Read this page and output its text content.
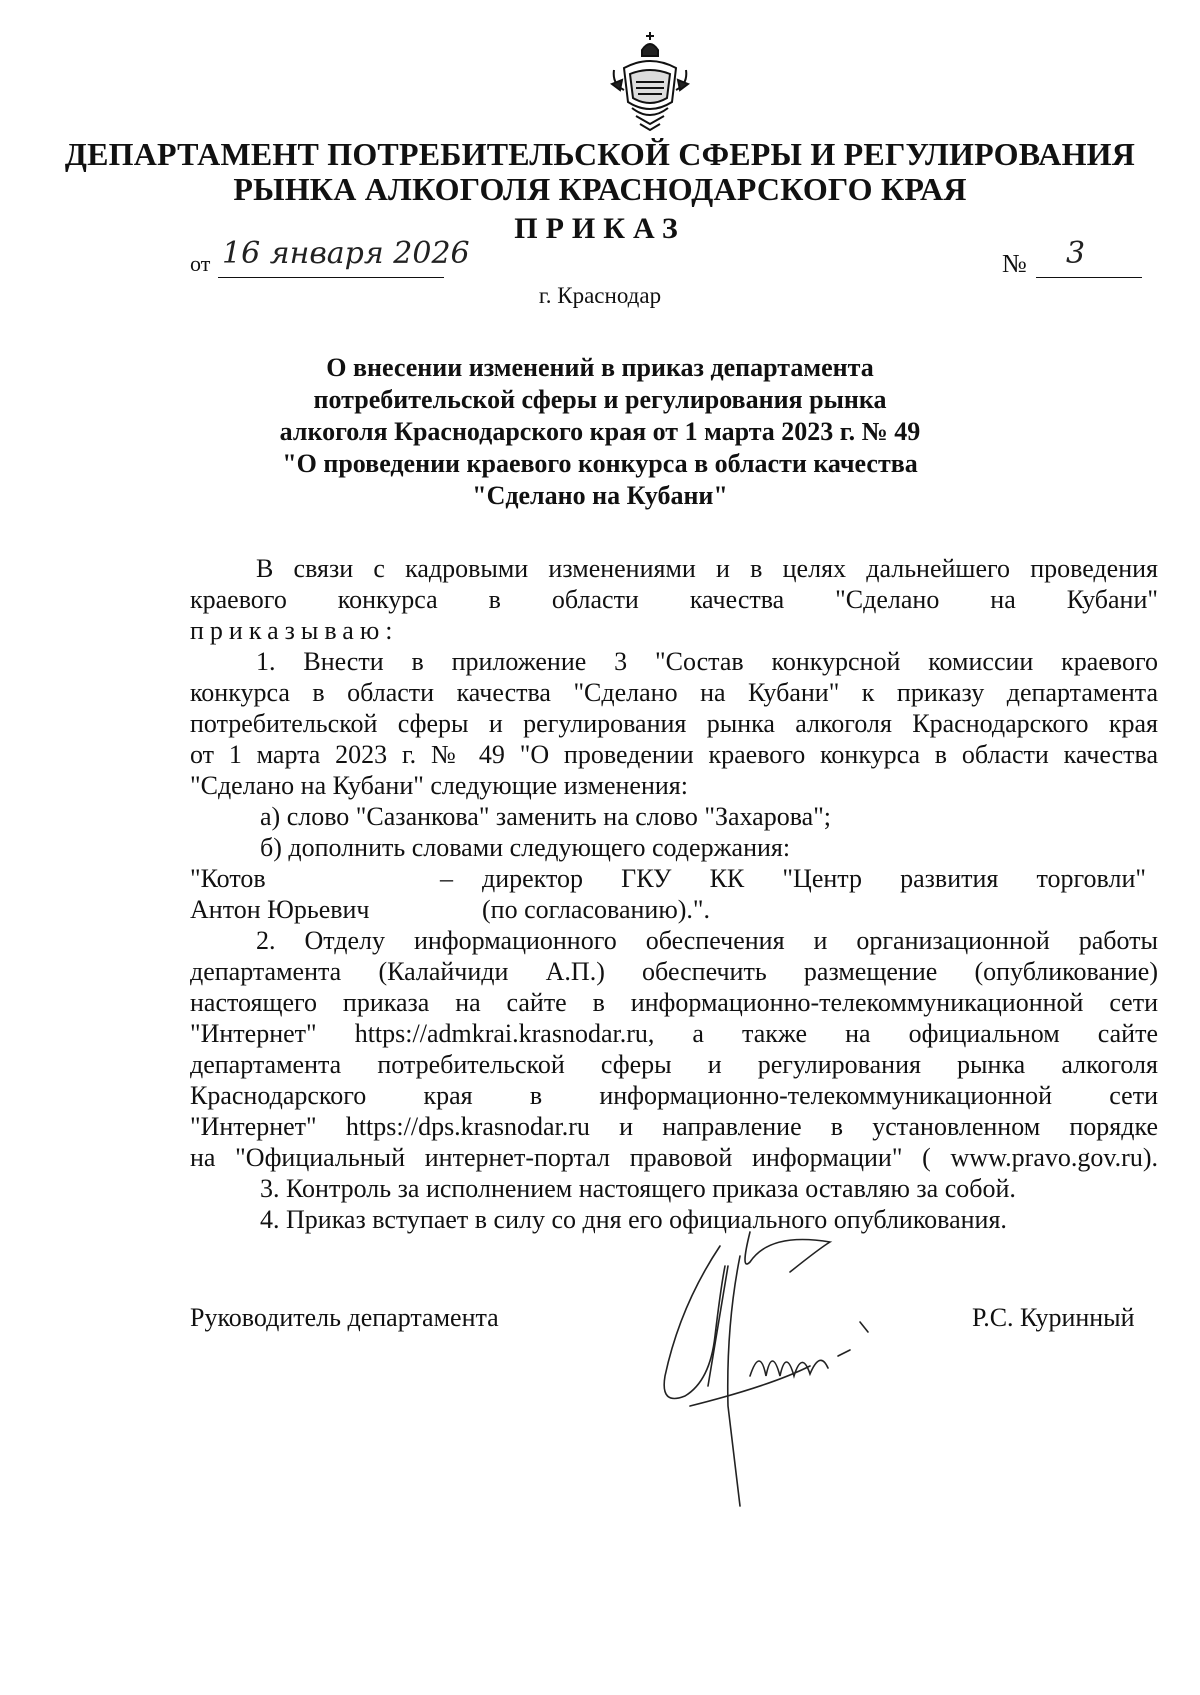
ДЕПАРТАМЕНТ ПОТРЕБИТЕЛЬСКОЙ СФЕРЫ И РЕГУЛИРОВАНИЯ
РЫНКА АЛКОГОЛЯ КРАСНОДАРСКОГО КРАЯ
ПРИКАЗ
от 16 января 2026	№ 3
г. Краснодар
О внесении изменений в приказ департамента
потребительской сферы и регулирования рынка
алкоголя Краснодарского края от 1 марта 2023 г. № 49
"О проведении краевого конкурса в области качества
"Сделано на Кубани"
В связи с кадровыми изменениями и в целях дальнейшего проведения
краевого конкурса в области качества "Сделано на Кубани"
приказываю:
1. Внести в приложение 3 "Состав конкурсной комиссии краевого
конкурса в области качества "Сделано на Кубани" к приказу департамента
потребительской сферы и регулирования рынка алкоголя Краснодарского края
от 1 марта 2023 г. № 49 "О проведении краевого конкурса в области качества
"Сделано на Кубани" следующие изменения:
а) слово "Сазанкова" заменить на слово "Захарова";
б) дополнить словами следующего содержания:
"Котов
Антон Юрьевич
– директор ГКУ КК "Центр развития торговли"
(по согласованию).".
2. Отделу информационного обеспечения и организационной работы
департамента (Калайчиди А.П.) обеспечить размещение (опубликование)
настоящего приказа на сайте в информационно-телекоммуникационной сети
"Интернет" https://admkrai.krasnodar.ru, а также на официальном сайте
департамента потребительской сферы и регулирования рынка алкоголя
Краснодарского края в информационно-телекоммуникационной сети
"Интернет" https://dps.krasnodar.ru и направление в установленном порядке
на "Официальный интернет-портал правовой информации" ( www.pravo.gov.ru).
3. Контроль за исполнением настоящего приказа оставляю за собой.
4. Приказ вступает в силу со дня его официального опубликования.
Руководитель департамента	Р.С. Куринный
